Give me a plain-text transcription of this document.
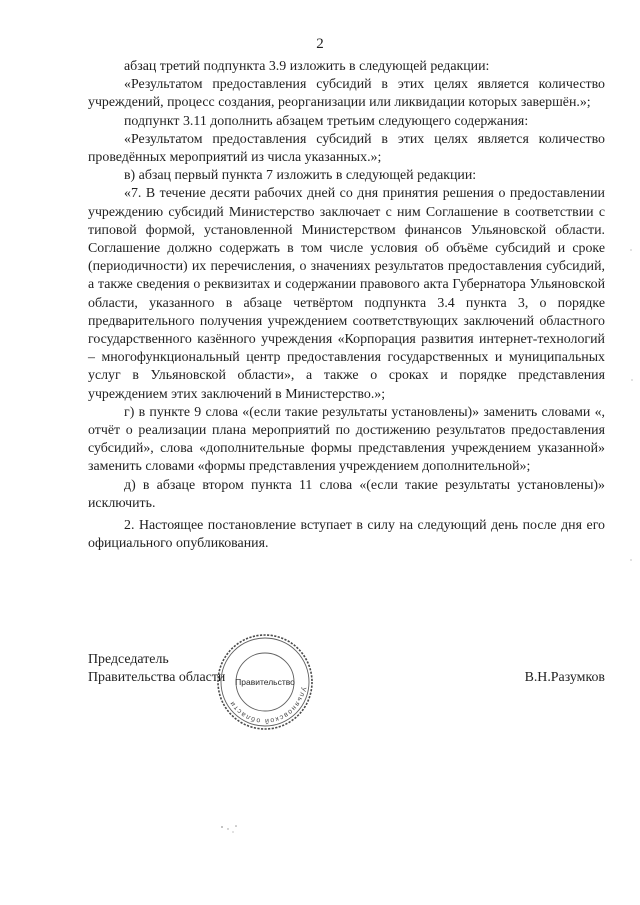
2

абзац третий подпункта 3.9 изложить в следующей редакции:

«Результатом предоставления субсидий в этих целях является количество учреждений, процесс создания, реорганизации или ликвидации которых завершён.»;

подпункт 3.11 дополнить абзацем третьим следующего содержания:

«Результатом предоставления субсидий в этих целях является количество проведённых мероприятий из числа указанных.»;

в) абзац первый пункта 7 изложить в следующей редакции:

«7. В течение десяти рабочих дней со дня принятия решения о предоставлении учреждению субсидий Министерство заключает с ним Соглашение в соответствии с типовой формой, установленной Министерством финансов Ульяновской области. Соглашение должно содержать в том числе условия об объёме субсидий и сроке (периодичности) их перечисления, о значениях результатов предоставления субсидий, а также сведения о реквизитах и содержании правового акта Губернатора Ульяновской области, указанного в абзаце четвёртом подпункта 3.4 пункта 3, о порядке предварительного получения учреждением соответствующих заключений областного государственного казённого учреждения «Корпорация развития интернет-технологий – многофункциональный центр предоставления государственных и муниципальных услуг в Ульяновской области», а также о сроках и порядке представления учреждением этих заключений в Министерство.»;

г) в пункте 9 слова «(если такие результаты установлены)» заменить словами «, отчёт о реализации плана мероприятий по достижению результатов предоставления субсидий», слова «дополнительные формы представления учреждением указанной» заменить словами «формы представления учреждением дополнительной»;

д) в абзаце втором пункта 11 слова «(если такие результаты установлены)» исключить.

2. Настоящее постановление вступает в силу на следующий день после дня его официального опубликования.

Председатель
Правительства области	В.Н.Разумков
Ульяновской области
Правительство
